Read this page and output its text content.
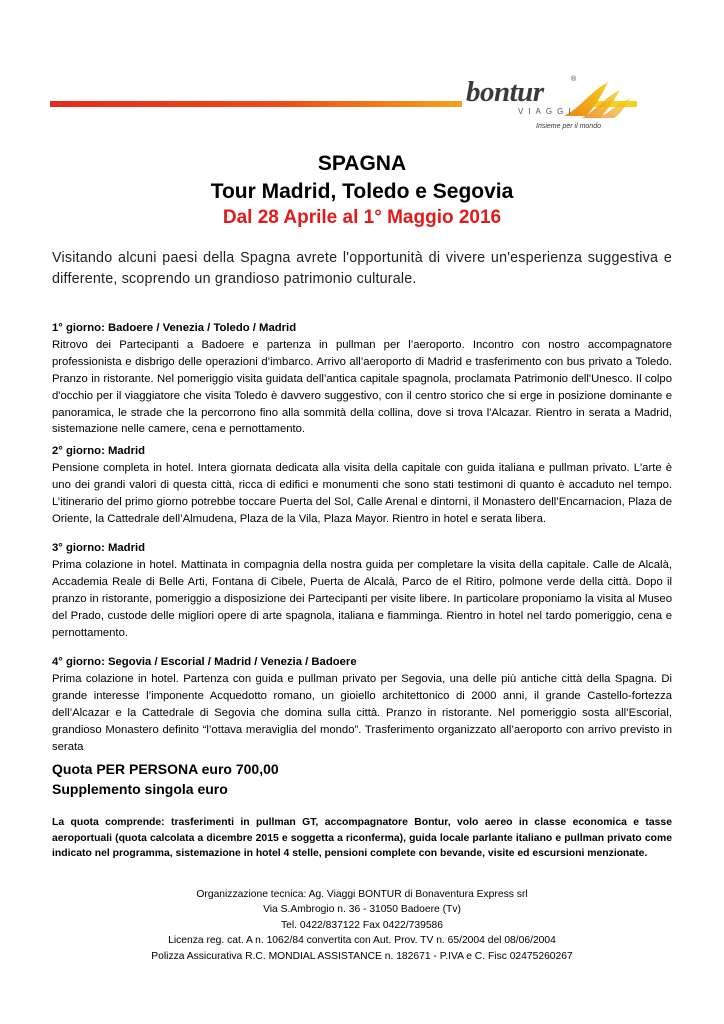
bontur	®
VIAGGI
Insieme per il mondo
SPAGNA
Tour Madrid, Toledo e Segovia
Dal 28 Aprile al 1° Maggio 2016
Visitando alcuni paesi della Spagna avrete l'opportunità di vivere un'esperienza suggestiva e differente, scoprendo un grandioso patrimonio culturale.
1° giorno: Badoere / Venezia / Toledo / Madrid
Ritrovo dei Partecipanti a Badoere e partenza in pullman per l’aeroporto. Incontro con nostro accompagnatore professionista e disbrigo delle operazioni d’imbarco. Arrivo all’aeroporto di Madrid e trasferimento con bus privato a Toledo. Pranzo in ristorante. Nel pomeriggio visita guidata dell’antica capitale spagnola, proclamata Patrimonio dell'Unesco. Il colpo d'occhio per il viaggiatore che visita Toledo è davvero suggestivo, con il centro storico che si erge in posizione dominante e panoramica, le strade che la percorrono fino alla sommità della collina, dove si trova l'Alcazar. Rientro in serata a Madrid, sistemazione nelle camere, cena e pernottamento.
2° giorno: Madrid
Pensione completa in hotel. Intera giornata dedicata alla visita della capitale con guida italiana e pullman privato. L'arte è uno dei grandi valori di questa città, ricca di edifici e monumenti che sono stati testimoni di quanto è accaduto nel tempo. L’itinerario del primo giorno potrebbe toccare Puerta del Sol, Calle Arenal e dintorni, il Monastero dell’Encarnacion, Plaza de Oriente, la Cattedrale dell’Almudena, Plaza de la Vila, Plaza Mayor. Rientro in hotel e serata libera.
3° giorno: Madrid
Prima colazione in hotel. Mattinata in compagnia della nostra guida per completare la visita della capitale. Calle de Alcalà, Accademia Reale di Belle Arti, Fontana di Cibele, Puerta de Alcalà, Parco de el Ritiro, polmone verde della città. Dopo il pranzo in ristorante, pomeriggio a disposizione dei Partecipanti per visite libere. In particolare proponiamo la visita al Museo del Prado, custode delle migliori opere di arte spagnola, italiana e fiamminga. Rientro in hotel nel tardo pomeriggio, cena e pernottamento.
4° giorno: Segovia / Escorial / Madrid / Venezia / Badoere
Prima colazione in hotel. Partenza con guida e pullman privato per Segovia, una delle più antiche città della Spagna. Di grande interesse l’imponente Acquedotto romano, un gioiello architettonico di 2000 anni, il grande Castello-fortezza dell’Alcazar e la Cattedrale di Segovia che domina sulla città. Pranzo in ristorante. Nel pomeriggio sosta all’Escorial, grandioso Monastero definito “l’ottava meraviglia del mondo”. Trasferimento organizzato all’aeroporto con arrivo previsto in serata
Quota PER PERSONA euro 700,00
Supplemento singola euro
La quota comprende: trasferimenti in pullman GT, accompagnatore Bontur, volo aereo in classe economica e tasse aeroportuali (quota calcolata a dicembre 2015 e soggetta a riconferma), guida locale parlante italiano e pullman privato come indicato nel programma, sistemazione in hotel 4 stelle, pensioni complete con bevande, visite ed escursioni menzionate.
Organizzazione tecnica: Ag. Viaggi BONTUR di Bonaventura Express srl
Via S.Ambrogio n. 36 - 31050 Badoere (Tv)
Tel. 0422/837122 Fax 0422/739586
Licenza reg. cat. A n. 1062/84 convertita con Aut. Prov. TV n. 65/2004 del 08/06/2004
Polizza Assicurativa R.C. MONDIAL ASSISTANCE n. 182671 - P.IVA e C. Fisc 02475260267
